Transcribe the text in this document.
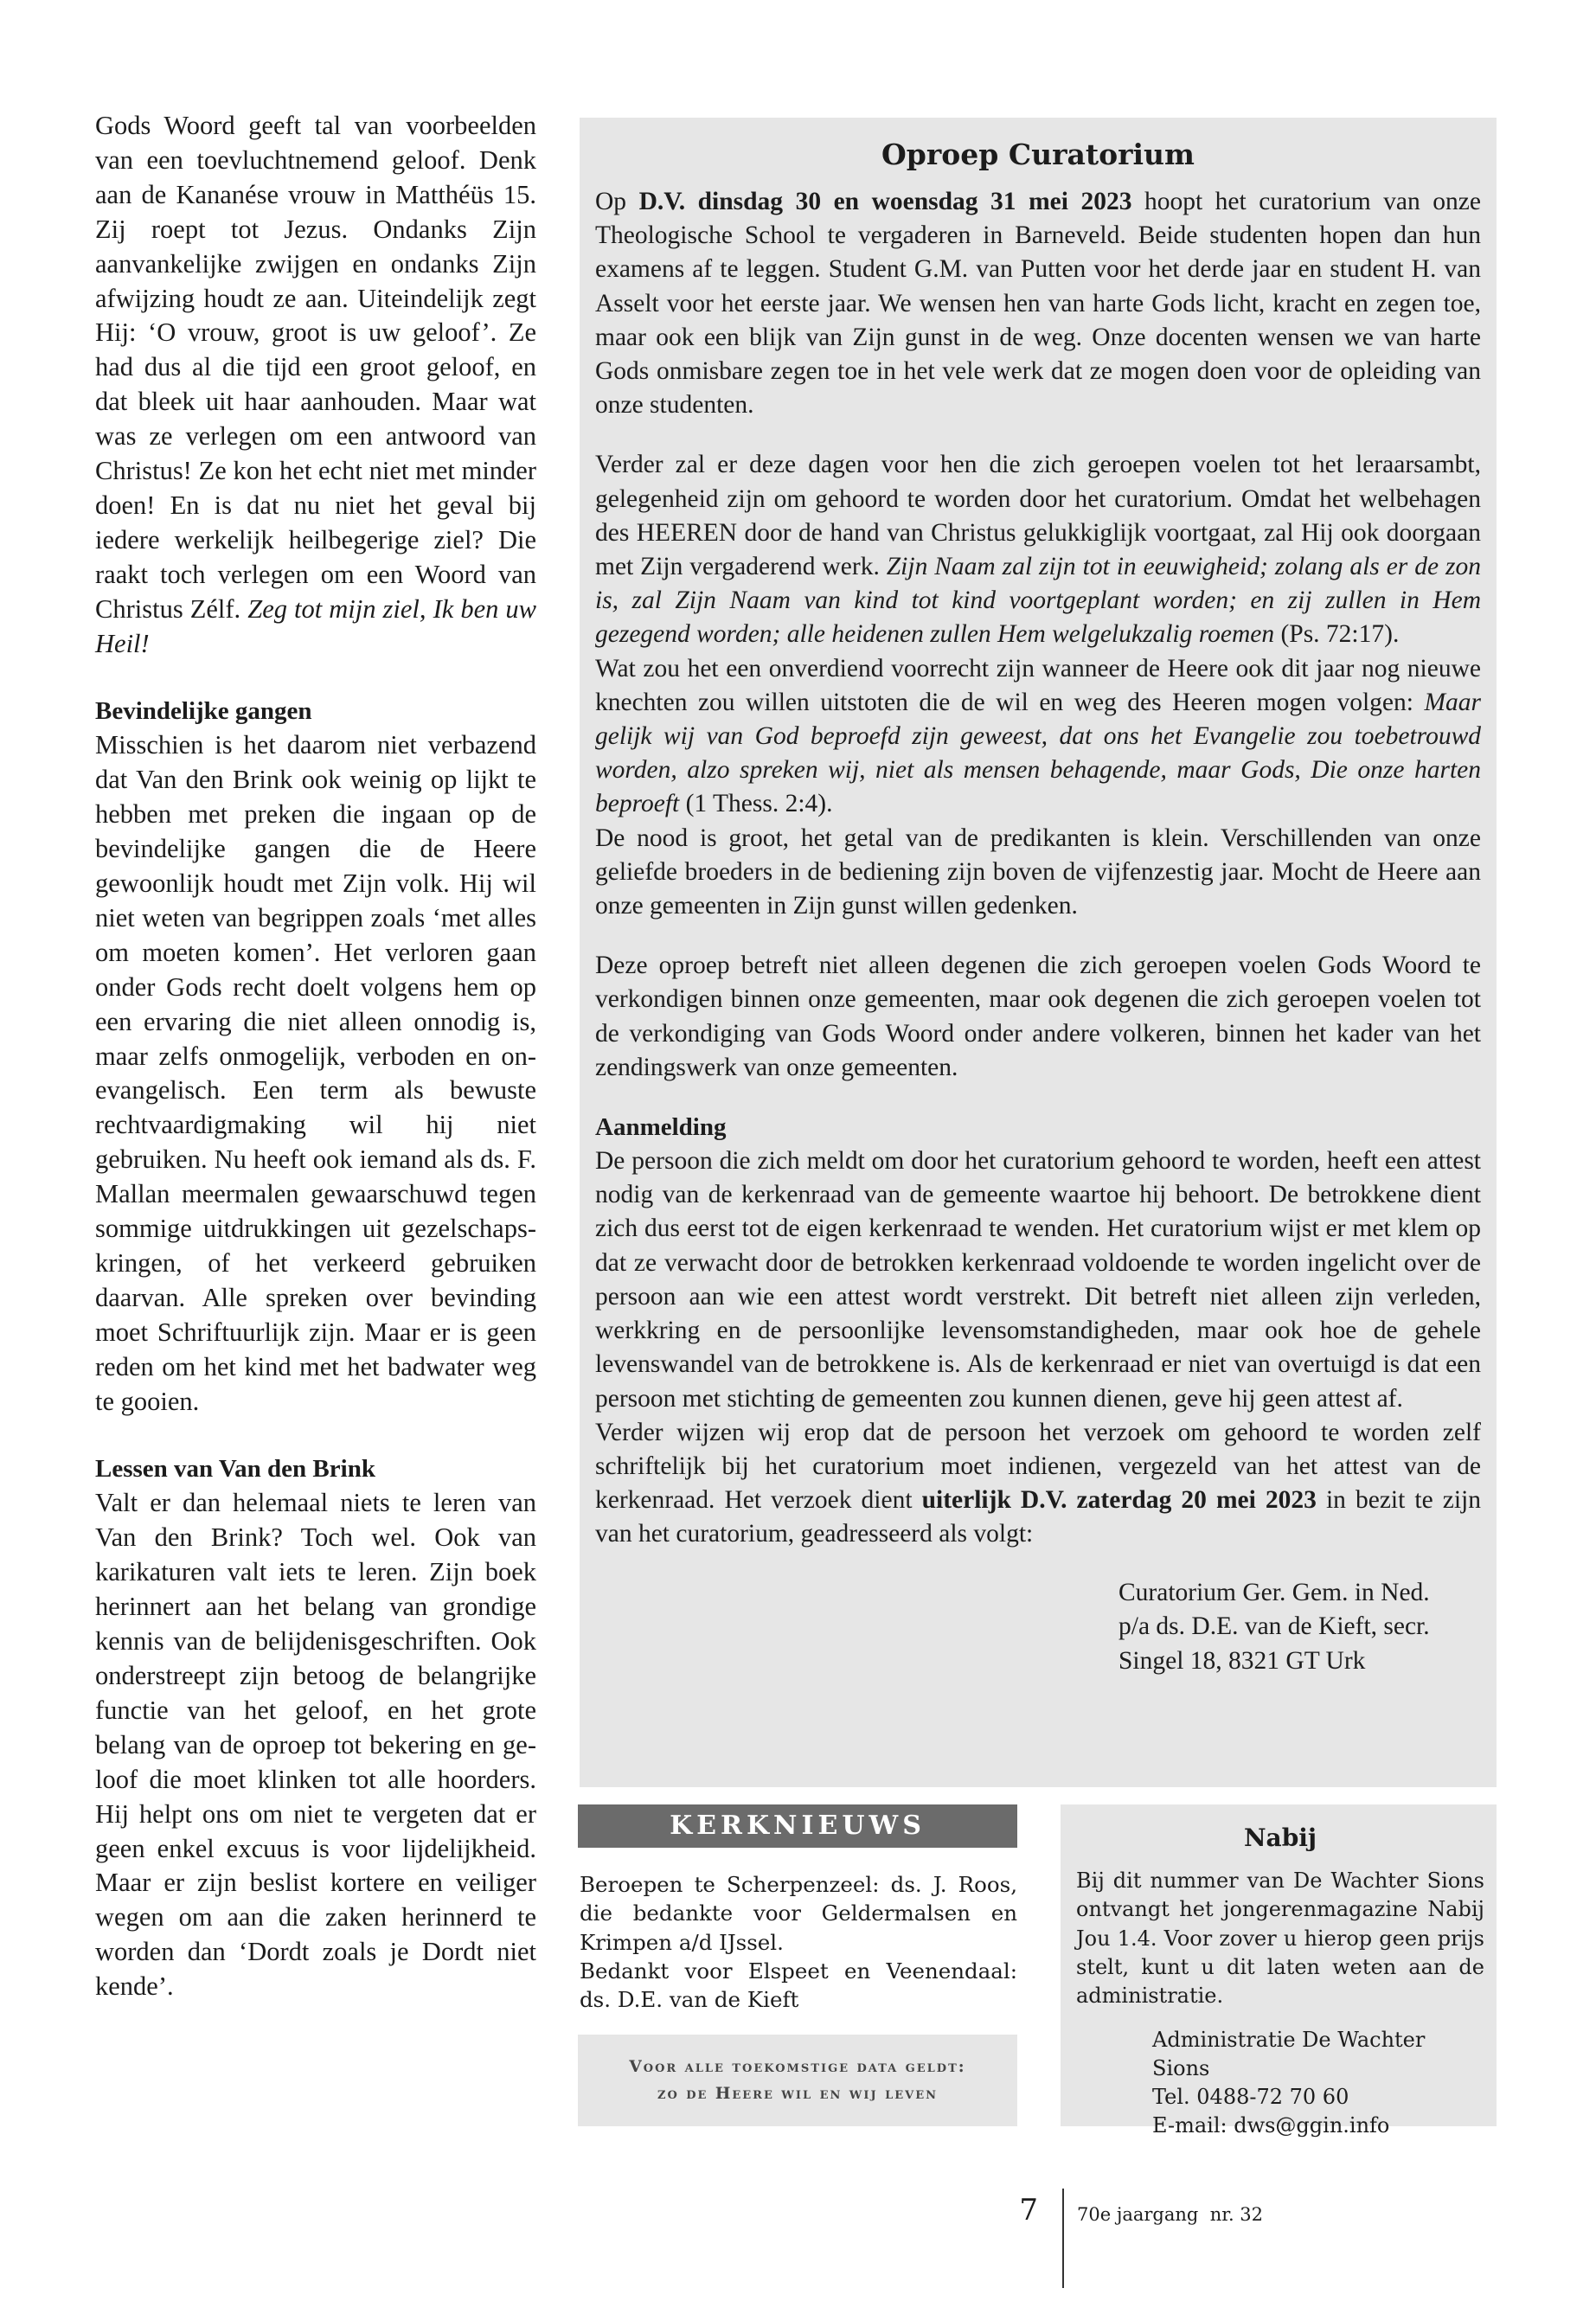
Gods Woord geeft tal van voorbeelden van een toevluchtnemend geloof. Denk aan de Kananése vrouw in Matthéüs 15. Zij roept tot Jezus. Ondanks Zijn aanvankelijke zwijgen en ondanks Zijn afwijzing houdt ze aan. Uiteindelijk zegt Hij: ‘O vrouw, groot is uw geloof’. Ze had dus al die tijd een groot geloof, en dat bleek uit haar aanhouden. Maar wat was ze verlegen om een antwoord van Christus! Ze kon het echt niet met minder doen! En is dat nu niet het geval bij iedere werkelijk heilbegerige ziel? Die raakt toch verlegen om een Woord van Christus Zélf. Zeg tot mijn ziel, Ik ben uw Heil!

Bevindelijke gangen

Misschien is het daarom niet verbazend dat Van den Brink ook weinig op lijkt te hebben met preken die ingaan op de bevindelijke gangen die de Heere gewoonlijk houdt met Zijn volk. Hij wil niet weten van begrippen zoals ‘met alles om moeten komen’. Het verloren gaan onder Gods recht doelt volgens hem op een ervaring die niet alleen onnodig is, maar zelfs onmogelijk, verboden en on-evangelisch. Een term als bewuste rechtvaardigmaking wil hij niet gebruiken. Nu heeft ook iemand als ds. F. Mallan meermalen gewaarschuwd tegen sommige uitdrukkingen uit gezelschapskringen, of het verkeerd gebruiken daarvan. Alle spreken over bevinding moet Schriftuurlijk zijn. Maar er is geen reden om het kind met het badwater weg te gooien.

Lessen van Van den Brink

Valt er dan helemaal niets te leren van Van den Brink? Toch wel. Ook van karikaturen valt iets te leren. Zijn boek herinnert aan het belang van grondige kennis van de belijdenisgeschriften. Ook onderstreept zijn betoog de belangrijke functie van het geloof, en het grote belang van de oproep tot bekering en geloof die moet klinken tot alle hoorders. Hij helpt ons om niet te vergeten dat er geen enkel excuus is voor lijdelijkheid. Maar er zijn beslist kortere en veiliger wegen om aan die zaken herinnerd te worden dan ‘Dordt zoals je Dordt niet kende’.

Oproep Curatorium

Op D.V. dinsdag 30 en woensdag 31 mei 2023 hoopt het curatorium van onze Theologische School te vergaderen in Barneveld. Beide studenten hopen dan hun examens af te leggen. Student G.M. van Putten voor het derde jaar en student H. van Asselt voor het eerste jaar. We wensen hen van harte Gods licht, kracht en zegen toe, maar ook een blijk van Zijn gunst in de weg. Onze docenten wensen we van harte Gods onmisbare zegen toe in het vele werk dat ze mogen doen voor de opleiding van onze studenten.

Verder zal er deze dagen voor hen die zich geroepen voelen tot het leraarsambt, gelegenheid zijn om gehoord te worden door het curatorium. Omdat het welbehagen des HEEREN door de hand van Christus gelukkiglijk voortgaat, zal Hij ook doorgaan met Zijn vergaderend werk. Zijn Naam zal zijn tot in eeuwigheid; zolang als er de zon is, zal Zijn Naam van kind tot kind voortgeplant worden; en zij zullen in Hem gezegend worden; alle heidenen zullen Hem welgelukzalig roemen (Ps. 72:17).

Wat zou het een onverdiend voorrecht zijn wanneer de Heere ook dit jaar nog nieuwe knechten zou willen uitstoten die de wil en weg des Heeren mogen volgen: Maar gelijk wij van God beproefd zijn geweest, dat ons het Evangelie zou toebetrouwd worden, alzo spreken wij, niet als mensen behagende, maar Gods, Die onze harten beproeft (1 Thess. 2:4).

De nood is groot, het getal van de predikanten is klein. Verschillenden van onze geliefde broeders in de bediening zijn boven de vijfenzestig jaar. Mocht de Heere aan onze gemeenten in Zijn gunst willen gedenken.

Deze oproep betreft niet alleen degenen die zich geroepen voelen Gods Woord te verkondigen binnen onze gemeenten, maar ook degenen die zich geroepen voelen tot de verkondiging van Gods Woord onder andere volkeren, binnen het kader van het zendingswerk van onze gemeenten.

Aanmelding

De persoon die zich meldt om door het curatorium gehoord te worden, heeft een attest nodig van de kerkenraad van de gemeente waartoe hij behoort. De betrokkene dient zich dus eerst tot de eigen kerkenraad te wenden. Het curatorium wijst er met klem op dat ze verwacht door de betrokken kerkenraad voldoende te worden ingelicht over de persoon aan wie een attest wordt verstrekt. Dit betreft niet alleen zijn verleden, werkkring en de persoonlijke levensomstandigheden, maar ook hoe de gehele levenswandel van de betrokkene is. Als de kerkenraad er niet van overtuigd is dat een persoon met stichting de gemeenten zou kunnen dienen, geve hij geen attest af.

Verder wijzen wij erop dat de persoon het verzoek om gehoord te worden zelf schriftelijk bij het curatorium moet indienen, vergezeld van het attest van de kerkenraad. Het verzoek dient uiterlijk D.V. zaterdag 20 mei 2023 in bezit te zijn van het curatorium, geadresseerd als volgt:

Curatorium Ger. Gem. in Ned.
p/a ds. D.E. van de Kieft, secr.
Singel 18, 8321 GT Urk
KERKNIEUWS

Beroepen te Scherpenzeel: ds. J. Roos, die bedankte voor Geldermalsen en Krimpen a/d IJssel.

Bedankt voor Elspeet en Veenendaal: ds. D.E. van de Kieft

Voor alle toekomstige data geldt:
zo de Heere wil en wij leven
Nabij
Bij dit nummer van De Wachter Sions ontvangt het jongerenmagazine Nabij Jou 1.4. Voor zover u hierop geen prijs stelt, kunt u dit laten weten aan de administratie.
Administratie De Wachter Sions
Tel. 0488-72 70 60
E-mail: dws@ggin.info
7 70e jaargang  nr. 32
